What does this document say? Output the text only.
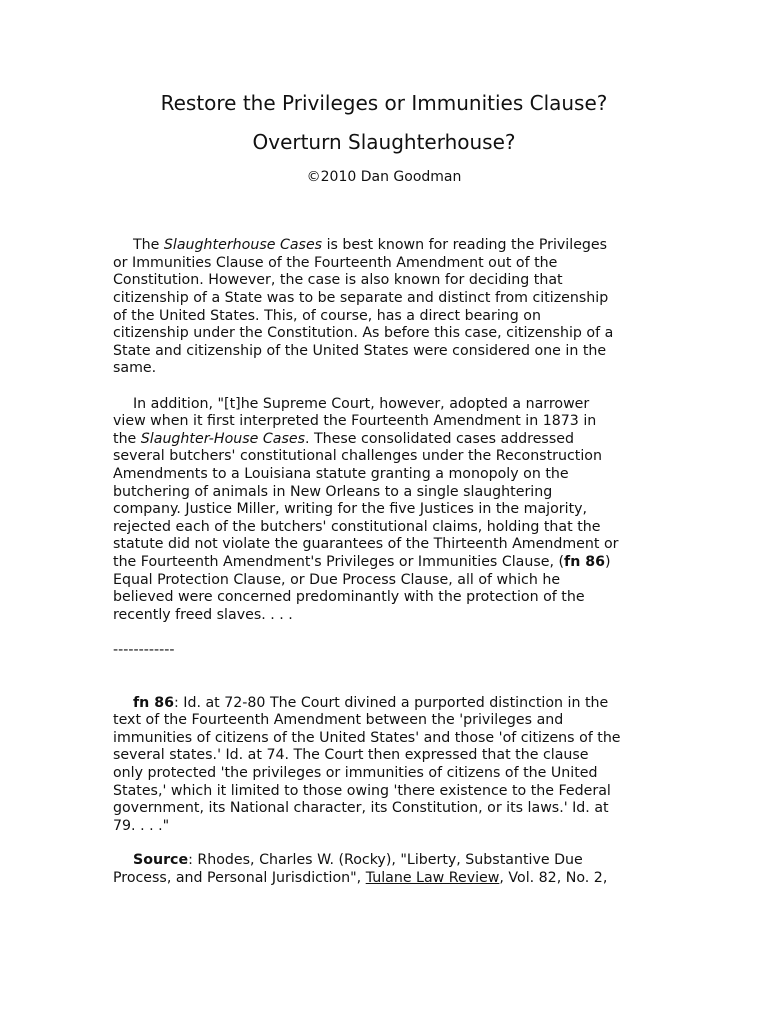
Restore the Privileges or Immunities Clause?
Overturn Slaughterhouse?
©2010 Dan Goodman
The Slaughterhouse Cases is best known for reading the Privileges
or Immunities Clause of the Fourteenth Amendment out of the
Constitution. However, the case is also known for deciding that
citizenship of a State was to be separate and distinct from citizenship
of the United States. This, of course, has a direct bearing on
citizenship under the Constitution. As before this case, citizenship of a
State and citizenship of the United States were considered one in the
same.
In addition, "[t]he Supreme Court, however, adopted a narrower
view when it first interpreted the Fourteenth Amendment in 1873 in
the Slaughter-House Cases. These consolidated cases addressed
several butchers' constitutional challenges under the Reconstruction
Amendments to a Louisiana statute granting a monopoly on the
butchering of animals in New Orleans to a single slaughtering
company. Justice Miller, writing for the five Justices in the majority,
rejected each of the butchers' constitutional claims, holding that the
statute did not violate the guarantees of the Thirteenth Amendment or
the Fourteenth Amendment's Privileges or Immunities Clause, (fn 86)
Equal Protection Clause, or Due Process Clause, all of which he
believed were concerned predominantly with the protection of the
recently freed slaves. . . .
------------
fn 86: Id. at 72-80 The Court divined a purported distinction in the
text of the Fourteenth Amendment between the 'privileges and
immunities of citizens of the United States' and those 'of citizens of the
several states.' Id. at 74. The Court then expressed that the clause
only protected 'the privileges or immunities of citizens of the United
States,' which it limited to those owing 'there existence to the Federal
government, its National character, its Constitution, or its laws.' Id. at
79. . . ."
Source: Rhodes, Charles W. (Rocky), "Liberty, Substantive Due
Process, and Personal Jurisdiction", Tulane Law Review, Vol. 82, No. 2,
